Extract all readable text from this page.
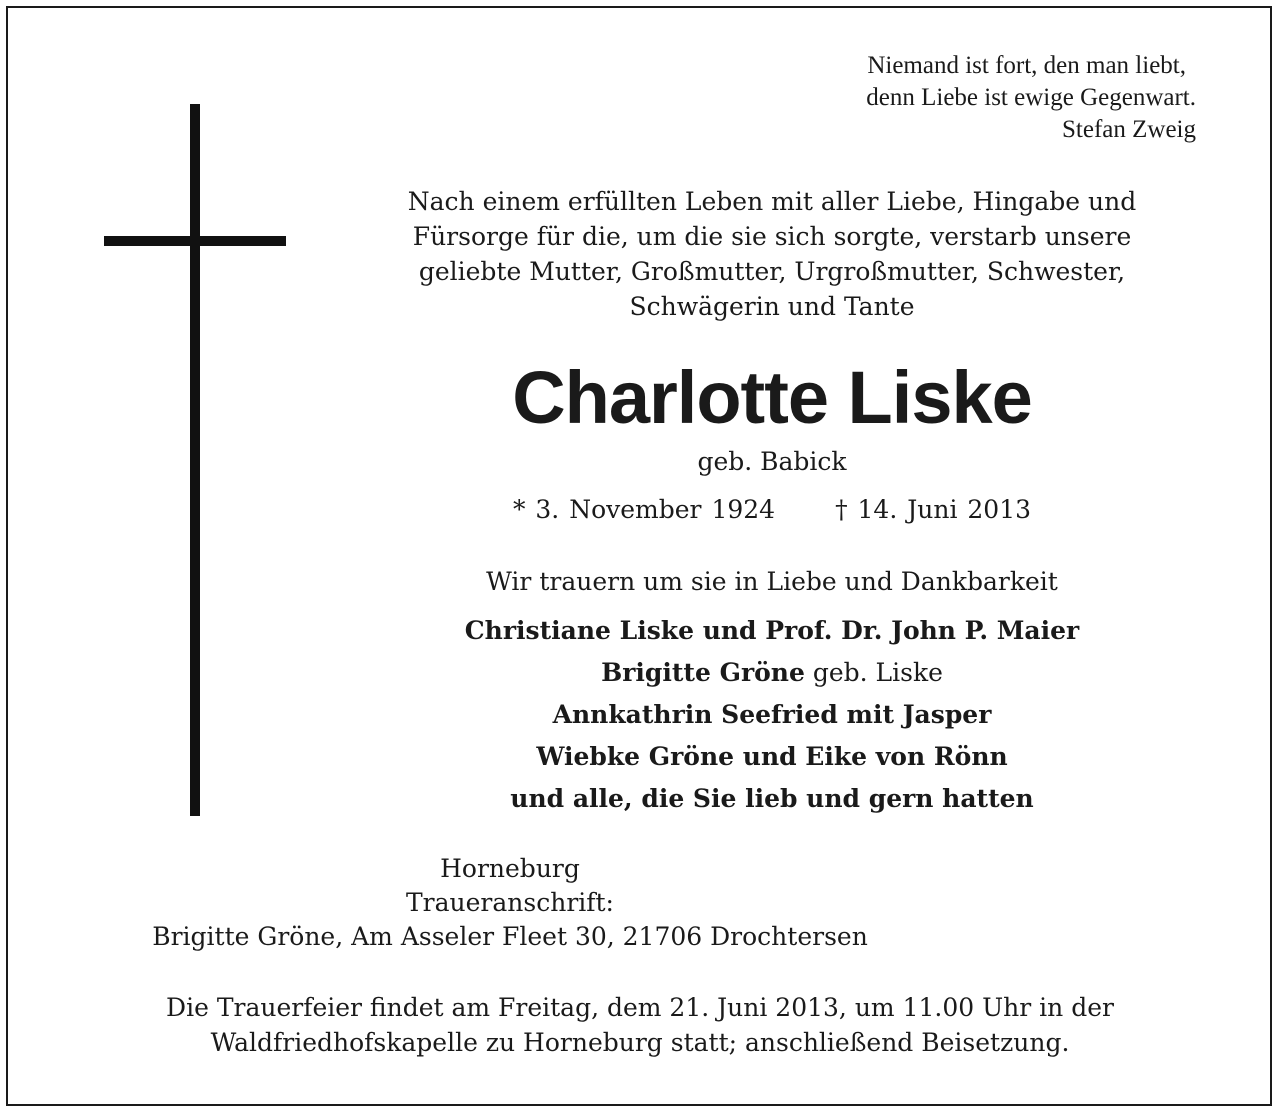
Niemand ist fort, den man liebt,
denn Liebe ist ewige Gegenwart.
Stefan Zweig
Nach einem erfüllten Leben mit aller Liebe, Hingabe und
Fürsorge für die, um die sie sich sorgte, verstarb unsere
geliebte Mutter, Großmutter, Urgroßmutter, Schwester,
Schwägerin und Tante
Charlotte Liske
geb. Babick
* 3. November 1924 † 14. Juni 2013
Wir trauern um sie in Liebe und Dankbarkeit
Christiane Liske und Prof. Dr. John P. Maier
Brigitte Gröne geb. Liske
Annkathrin Seefried mit Jasper
Wiebke Gröne und Eike von Rönn
und alle, die Sie lieb und gern hatten
Horneburg
Traueranschrift:
Brigitte Gröne, Am Asseler Fleet 30, 21706 Drochtersen
Die Trauerfeier findet am Freitag, dem 21. Juni 2013, um 11.00 Uhr in der
Waldfriedhofskapelle zu Horneburg statt; anschließend Beisetzung.
